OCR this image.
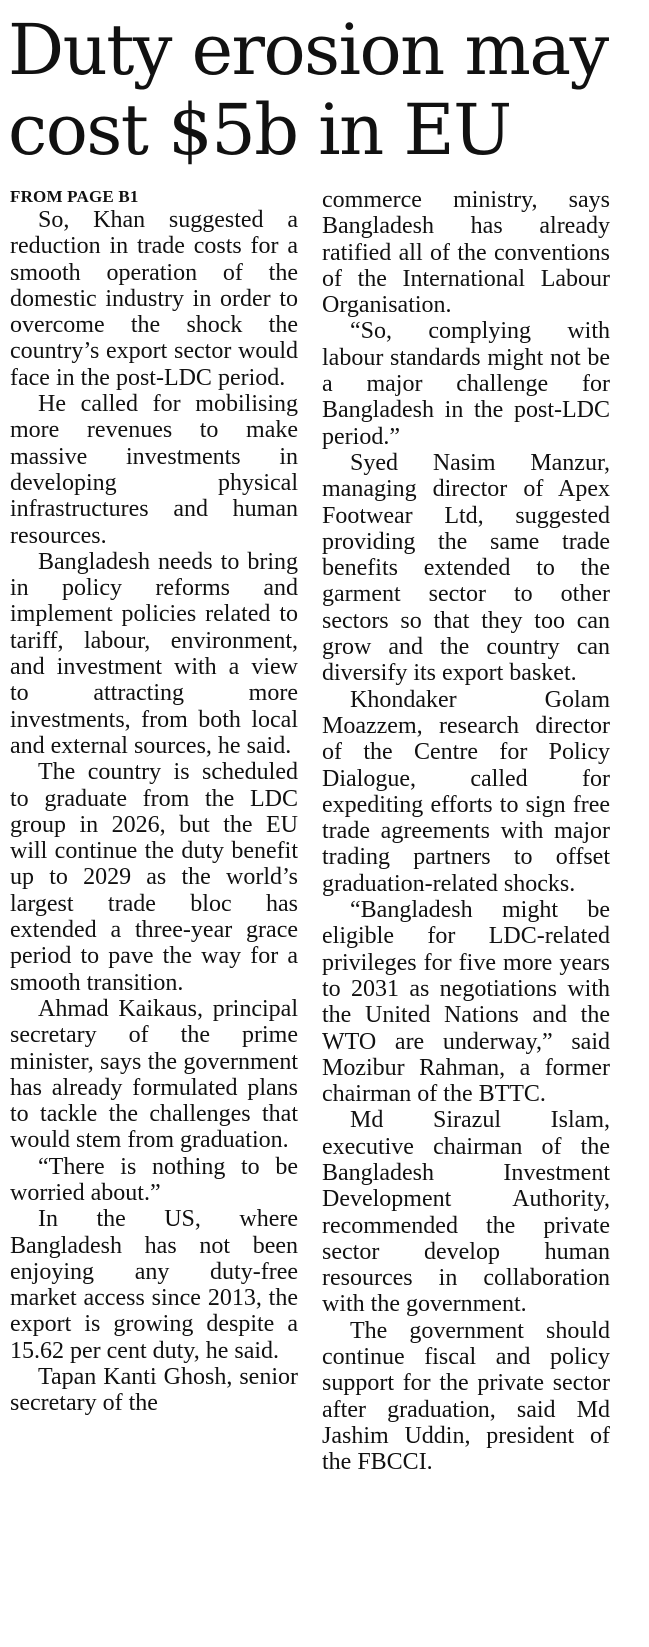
Duty erosion may cost $5b in EU

FROM PAGE B1

So, Khan suggested a reduction in trade costs for a smooth operation of the domestic industry in order to overcome the shock the country’s export sector would face in the post-LDC period.

He called for mobilising more revenues to make massive investments in developing physical infrastructures and human resources.

Bangladesh needs to bring in policy reforms and implement policies related to tariff, labour, environment, and investment with a view to attracting more investments, from both local and external sources, he said.

The country is scheduled to graduate from the LDC group in 2026, but the EU will continue the duty benefit up to 2029 as the world’s largest trade bloc has extended a three-year grace period to pave the way for a smooth transition.

Ahmad Kaikaus, principal secretary of the prime minister, says the government has already formulated plans to tackle the challenges that would stem from graduation.

“There is nothing to be worried about.”

In the US, where Bangladesh has not been enjoying any duty-free market access since 2013, the export is growing despite a 15.62 per cent duty, he said.

Tapan Kanti Ghosh, senior secretary of the

commerce ministry, says Bangladesh has already ratified all of the conventions of the International Labour Organisation.

“So, complying with labour standards might not be a major challenge for Bangladesh in the post-LDC period.”

Syed Nasim Manzur, managing director of Apex Footwear Ltd, suggested providing the same trade benefits extended to the garment sector to other sectors so that they too can grow and the country can diversify its export basket.

Khondaker Golam Moazzem, research director of the Centre for Policy Dialogue, called for expediting efforts to sign free trade agreements with major trading partners to offset graduation-related shocks.

“Bangladesh might be eligible for LDC-related privileges for five more years to 2031 as negotiations with the United Nations and the WTO are underway,” said Mozibur Rahman, a former chairman of the BTTC.

Md Sirazul Islam, executive chairman of the Bangladesh Investment Development Authority, recommended the private sector develop human resources in collaboration with the government.

The government should continue fiscal and policy support for the private sector after graduation, said Md Jashim Uddin, president of the FBCCI.
